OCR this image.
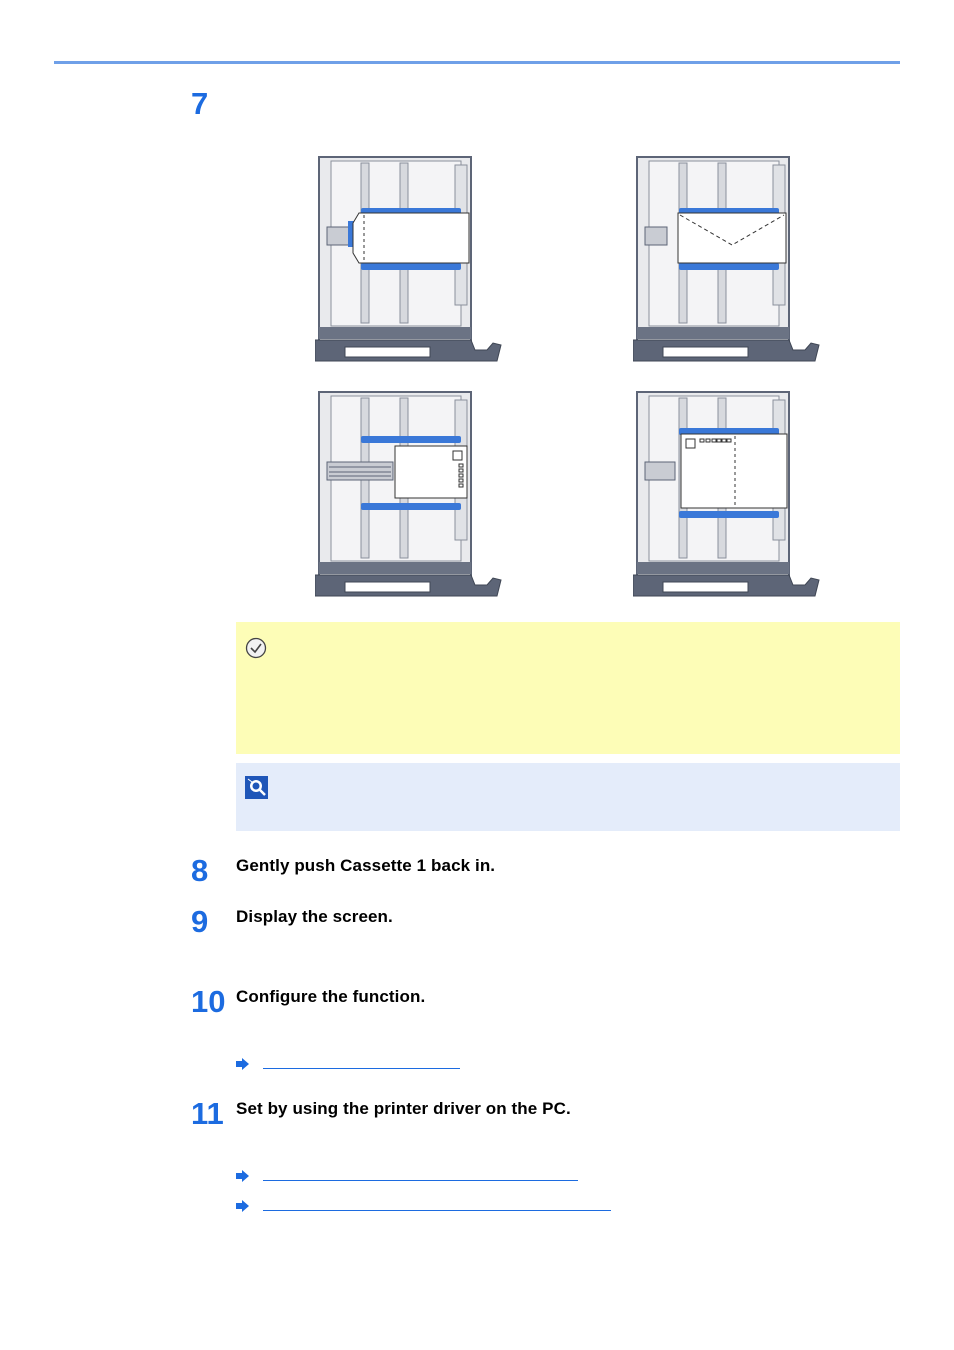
7
8 Gently push Cassette 1 back in.
9 Display the screen.
10 Configure the function.
11 Set by using the printer driver on the PC.
